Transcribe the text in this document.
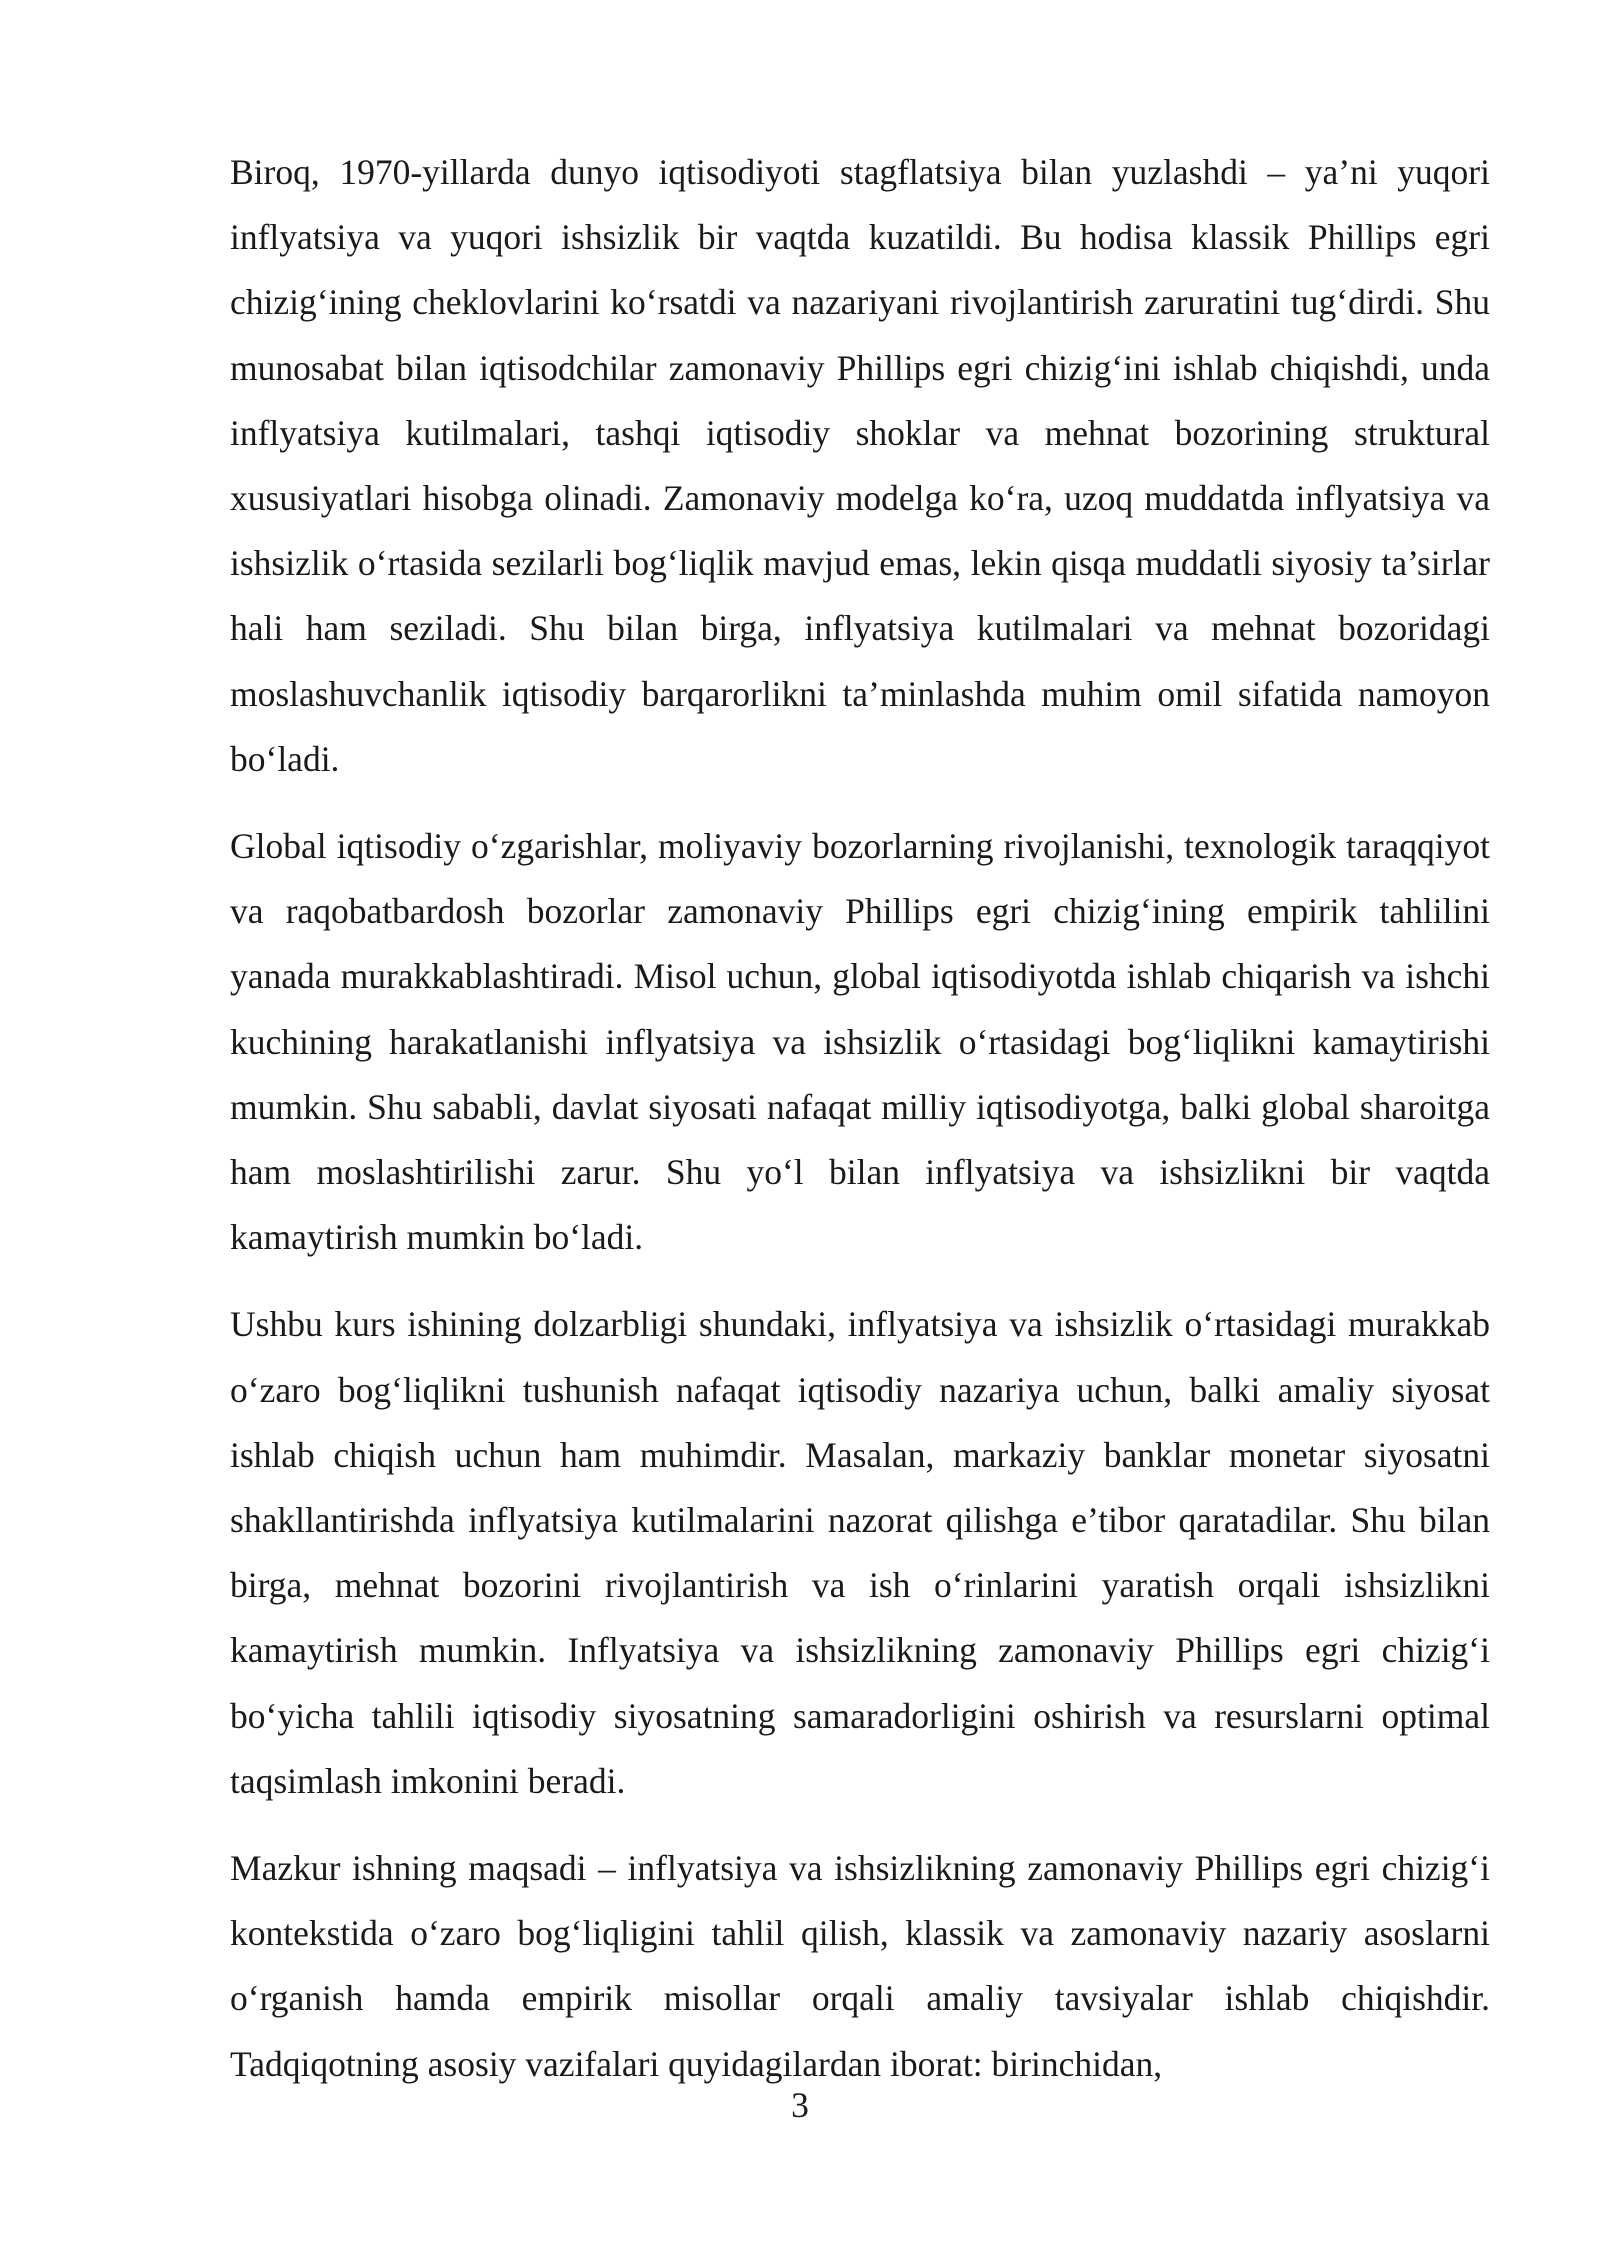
Biroq, 1970-yillarda dunyo iqtisodiyoti stagflatsiya bilan yuzlashdi – ya’ni yuqori inflyatsiya va yuqori ishsizlik bir vaqtda kuzatildi. Bu hodisa klassik Phillips egri chizig‘ining cheklovlarini ko‘rsatdi va nazariyani rivojlantirish zaruratini tug‘dirdi. Shu munosabat bilan iqtisodchilar zamonaviy Phillips egri chizig‘ini ishlab chiqishdi, unda inflyatsiya kutilmalari, tashqi iqtisodiy shoklar va mehnat bozorining struktural xususiyatlari hisobga olinadi. Zamonaviy modelga ko‘ra, uzoq muddatda inflyatsiya va ishsizlik o‘rtasida sezilarli bog‘liqlik mavjud emas, lekin qisqa muddatli siyosiy ta’sirlar hali ham seziladi. Shu bilan birga, inflyatsiya kutilmalari va mehnat bozoridagi moslashuvchanlik iqtisodiy barqarorlikni ta’minlashda muhim omil sifatida namoyon bo‘ladi.

Global iqtisodiy o‘zgarishlar, moliyaviy bozorlarning rivojlanishi, texnologik taraqqiyot va raqobatbardosh bozorlar zamonaviy Phillips egri chizig‘ining empirik tahlilini yanada murakkablashtiradi. Misol uchun, global iqtisodiyotda ishlab chiqarish va ishchi kuchining harakatlanishi inflyatsiya va ishsizlik o‘rtasidagi bog‘liqlikni kamaytirishi mumkin. Shu sababli, davlat siyosati nafaqat milliy iqtisodiyotga, balki global sharoitga ham moslashtirilishi zarur. Shu yo‘l bilan inflyatsiya va ishsizlikni bir vaqtda kamaytirish mumkin bo‘ladi.

Ushbu kurs ishining dolzarbligi shundaki, inflyatsiya va ishsizlik o‘rtasidagi murakkab o‘zaro bog‘liqlikni tushunish nafaqat iqtisodiy nazariya uchun, balki amaliy siyosat ishlab chiqish uchun ham muhimdir. Masalan, markaziy banklar monetar siyosatni shakllantirishda inflyatsiya kutilmalarini nazorat qilishga e’tibor qaratadilar. Shu bilan birga, mehnat bozorini rivojlantirish va ish o‘rinlarini yaratish orqali ishsizlikni kamaytirish mumkin. Inflyatsiya va ishsizlikning zamonaviy Phillips egri chizig‘i bo‘yicha tahlili iqtisodiy siyosatning samaradorligini oshirish va resurslarni optimal taqsimlash imkonini beradi.

Mazkur ishning maqsadi – inflyatsiya va ishsizlikning zamonaviy Phillips egri chizig‘i kontekstida o‘zaro bog‘liqligini tahlil qilish, klassik va zamonaviy nazariy asoslarni o‘rganish hamda empirik misollar orqali amaliy tavsiyalar ishlab chiqishdir. Tadqiqotning asosiy vazifalari quyidagilardan iborat: birinchidan,

3
